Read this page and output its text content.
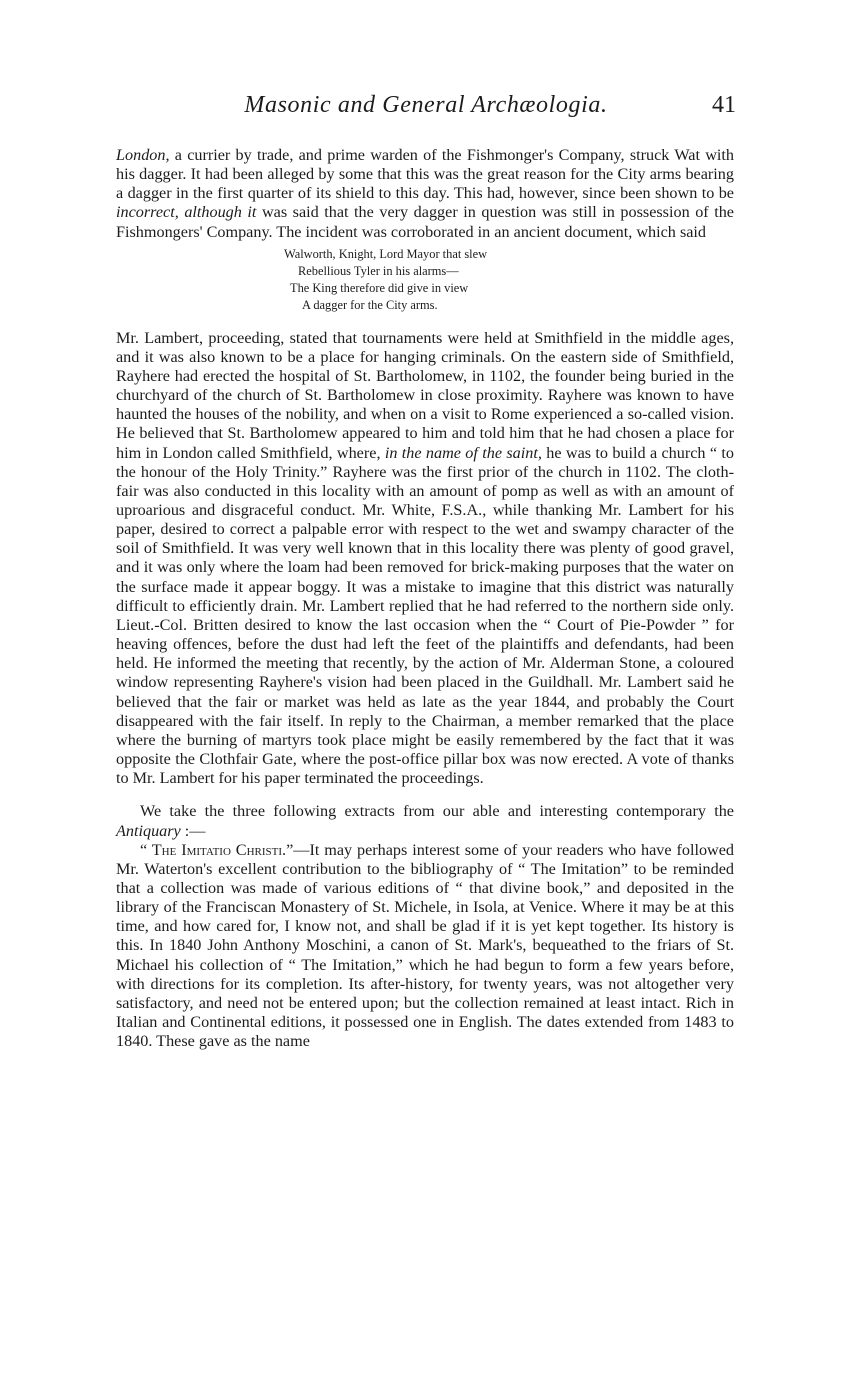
Masonic and General Archæologia.	41

London, a currier by trade, and prime warden of the Fishmonger's Company, struck Wat with his dagger. It had been alleged by some that this was the great reason for the City arms bearing a dagger in the first quarter of its shield to this day. This had, however, since been shown to be incorrect, although it was said that the very dagger in question was still in possession of the Fishmongers' Company. The incident was corroborated in an ancient document, which said

Walworth, Knight, Lord Mayor that slew
Rebellious Tyler in his alarms—
The King therefore did give in view
A dagger for the City arms.

Mr. Lambert, proceeding, stated that tournaments were held at Smithfield in the middle ages, and it was also known to be a place for hanging criminals. On the eastern side of Smithfield, Rayhere had erected the hospital of St. Bartholomew, in 1102, the founder being buried in the churchyard of the church of St. Bartholomew in close proximity. Rayhere was known to have haunted the houses of the nobility, and when on a visit to Rome experienced a so-called vision. He believed that St. Bartholomew appeared to him and told him that he had chosen a place for him in London called Smithfield, where, in the name of the saint, he was to build a church “ to the honour of the Holy Trinity.” Rayhere was the first prior of the church in 1102. The cloth-fair was also conducted in this locality with an amount of pomp as well as with an amount of uproarious and disgraceful conduct. Mr. White, F.S.A., while thanking Mr. Lambert for his paper, desired to correct a palpable error with respect to the wet and swampy character of the soil of Smithfield. It was very well known that in this locality there was plenty of good gravel, and it was only where the loam had been removed for brick-making purposes that the water on the surface made it appear boggy. It was a mistake to imagine that this district was naturally difficult to efficiently drain. Mr. Lambert replied that he had referred to the northern side only. Lieut.-Col. Britten desired to know the last occasion when the “ Court of Pie-Powder ” for heaving offences, before the dust had left the feet of the plaintiffs and defendants, had been held. He informed the meeting that recently, by the action of Mr. Alderman Stone, a coloured window representing Rayhere's vision had been placed in the Guildhall. Mr. Lambert said he believed that the fair or market was held as late as the year 1844, and probably the Court disappeared with the fair itself. In reply to the Chairman, a member remarked that the place where the burning of martyrs took place might be easily remembered by the fact that it was opposite the Clothfair Gate, where the post-office pillar box was now erected. A vote of thanks to Mr. Lambert for his paper terminated the proceedings.

We take the three following extracts from our able and interesting contemporary the Antiquary :—

“ The Imitatio Christi.”—It may perhaps interest some of your readers who have followed Mr. Waterton's excellent contribution to the bibliography of “ The Imitation” to be reminded that a collection was made of various editions of “ that divine book,” and deposited in the library of the Franciscan Monastery of St. Michele, in Isola, at Venice. Where it may be at this time, and how cared for, I know not, and shall be glad if it is yet kept together. Its history is this. In 1840 John Anthony Moschini, a canon of St. Mark's, bequeathed to the friars of St. Michael his collection of “ The Imitation,” which he had begun to form a few years before, with directions for its completion. Its after-history, for twenty years, was not altogether very satisfactory, and need not be entered upon; but the collection remained at least intact. Rich in Italian and Continental editions, it possessed one in English. The dates extended from 1483 to 1840. These gave as the name
